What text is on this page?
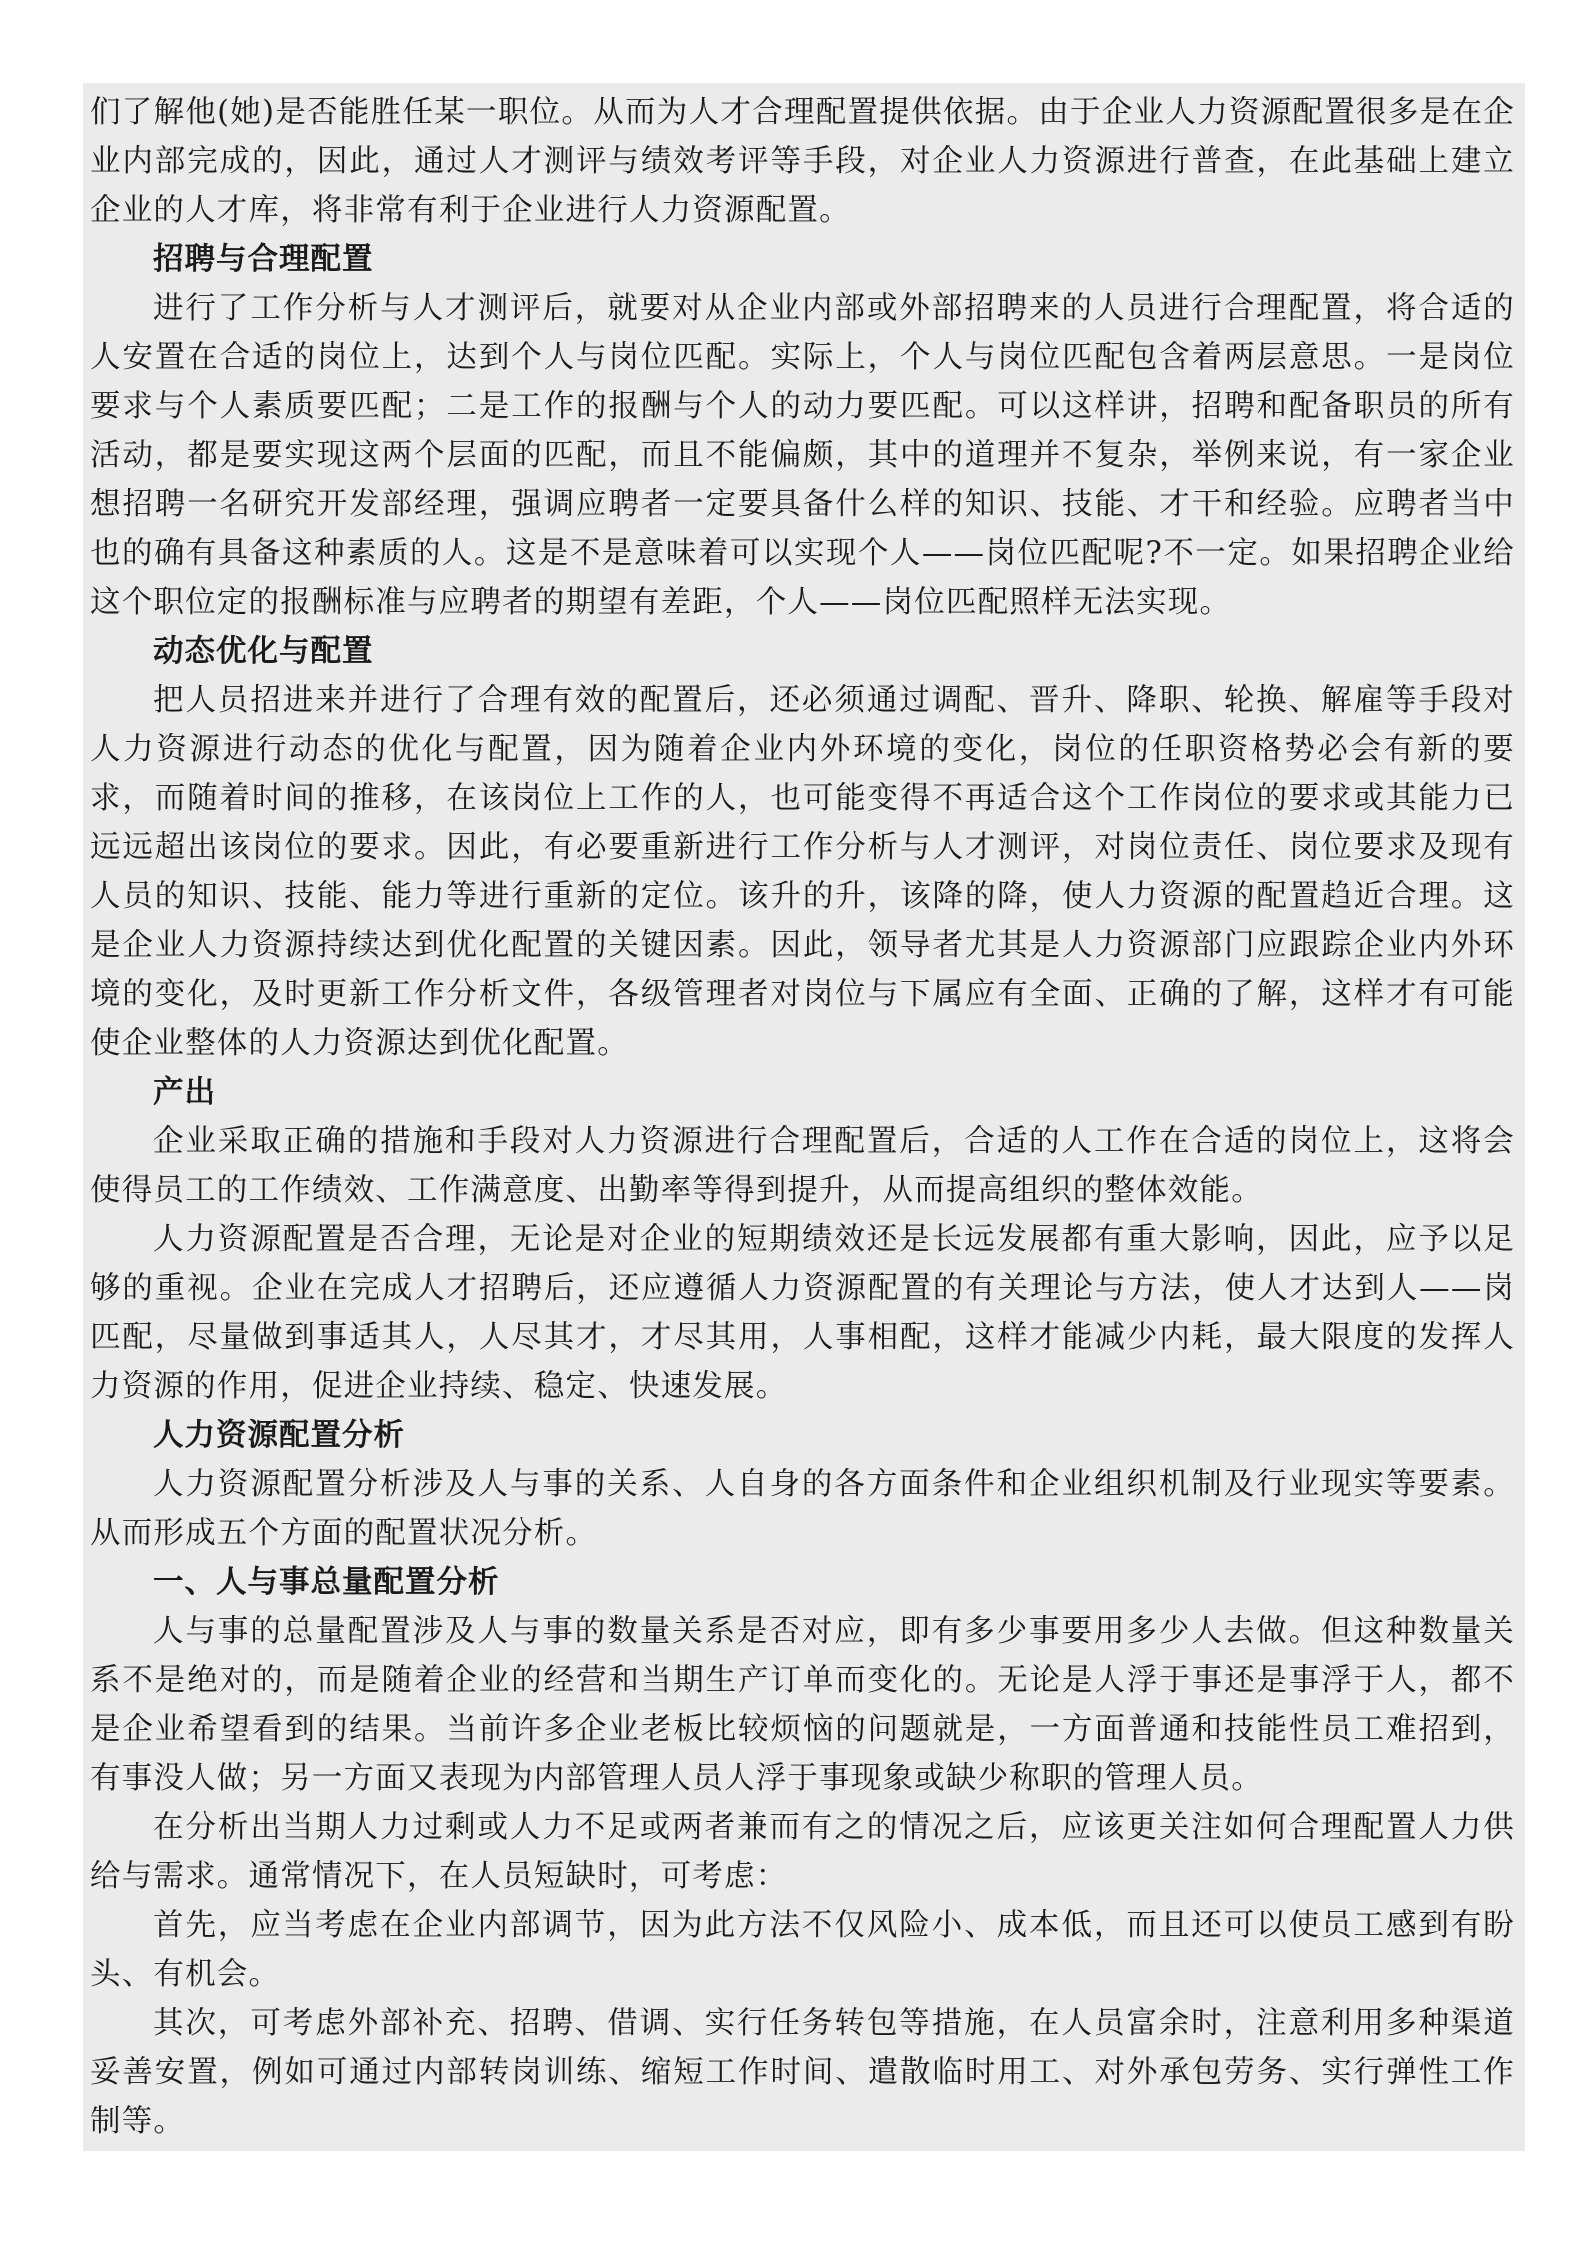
们了解他(她)是否能胜任某一职位。从而为人才合理配置提供依据。由于企业人力资源配置很多是在企业内部完成的，因此，通过人才测评与绩效考评等手段，对企业人力资源进行普查，在此基础上建立企业的人才库，将非常有利于企业进行人力资源配置。

招聘与合理配置

进行了工作分析与人才测评后，就要对从企业内部或外部招聘来的人员进行合理配置，将合适的人安置在合适的岗位上，达到个人与岗位匹配。实际上，个人与岗位匹配包含着两层意思。一是岗位要求与个人素质要匹配；二是工作的报酬与个人的动力要匹配。可以这样讲，招聘和配备职员的所有活动，都是要实现这两个层面的匹配，而且不能偏颇，其中的道理并不复杂，举例来说，有一家企业想招聘一名研究开发部经理，强调应聘者一定要具备什么样的知识、技能、才干和经验。应聘者当中也的确有具备这种素质的人。这是不是意味着可以实现个人——岗位匹配呢?不一定。如果招聘企业给这个职位定的报酬标准与应聘者的期望有差距，个人——岗位匹配照样无法实现。

动态优化与配置

把人员招进来并进行了合理有效的配置后，还必须通过调配、晋升、降职、轮换、解雇等手段对人力资源进行动态的优化与配置，因为随着企业内外环境的变化，岗位的任职资格势必会有新的要求，而随着时间的推移，在该岗位上工作的人，也可能变得不再适合这个工作岗位的要求或其能力已远远超出该岗位的要求。因此，有必要重新进行工作分析与人才测评，对岗位责任、岗位要求及现有人员的知识、技能、能力等进行重新的定位。该升的升，该降的降，使人力资源的配置趋近合理。这是企业人力资源持续达到优化配置的关键因素。因此，领导者尤其是人力资源部门应跟踪企业内外环境的变化，及时更新工作分析文件，各级管理者对岗位与下属应有全面、正确的了解，这样才有可能使企业整体的人力资源达到优化配置。

产出

企业采取正确的措施和手段对人力资源进行合理配置后，合适的人工作在合适的岗位上，这将会使得员工的工作绩效、工作满意度、出勤率等得到提升，从而提高组织的整体效能。

人力资源配置是否合理，无论是对企业的短期绩效还是长远发展都有重大影响，因此，应予以足够的重视。企业在完成人才招聘后，还应遵循人力资源配置的有关理论与方法，使人才达到人——岗匹配，尽量做到事适其人，人尽其才，才尽其用，人事相配，这样才能减少内耗，最大限度的发挥人力资源的作用，促进企业持续、稳定、快速发展。

人力资源配置分析

人力资源配置分析涉及人与事的关系、人自身的各方面条件和企业组织机制及行业现实等要素。从而形成五个方面的配置状况分析。

一、人与事总量配置分析

人与事的总量配置涉及人与事的数量关系是否对应，即有多少事要用多少人去做。但这种数量关系不是绝对的，而是随着企业的经营和当期生产订单而变化的。无论是人浮于事还是事浮于人，都不是企业希望看到的结果。当前许多企业老板比较烦恼的问题就是，一方面普通和技能性员工难招到，有事没人做；另一方面又表现为内部管理人员人浮于事现象或缺少称职的管理人员。

在分析出当期人力过剩或人力不足或两者兼而有之的情况之后，应该更关注如何合理配置人力供给与需求。通常情况下，在人员短缺时，可考虑：

首先，应当考虑在企业内部调节，因为此方法不仅风险小、成本低，而且还可以使员工感到有盼头、有机会。

其次，可考虑外部补充、招聘、借调、实行任务转包等措施，在人员富余时，注意利用多种渠道妥善安置，例如可通过内部转岗训练、缩短工作时间、遣散临时用工、对外承包劳务、实行弹性工作制等。
